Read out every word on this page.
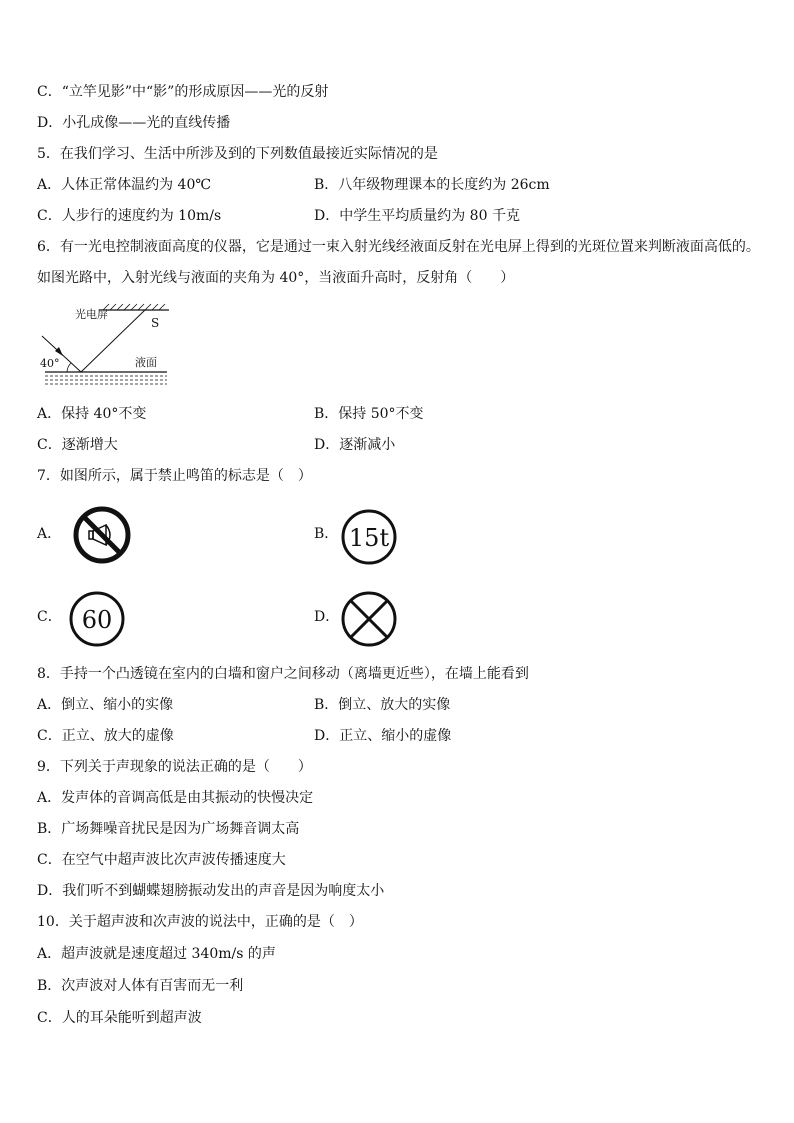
C．“立竿见影”中“影”的形成原因——光的反射
D．小孔成像——光的直线传播
5．在我们学习、生活中所涉及到的下列数值最接近实际情况的是
A．人体正常体温约为 40℃	B．八年级物理课本的长度约为 26cm
C．人步行的速度约为 10m/s	D．中学生平均质量约为 80 千克
6．有一光电控制液面高度的仪器，它是通过一束入射光线经液面反射在光电屏上得到的光斑位置来判断液面高低的。
如图光路中，入射光线与液面的夹角为 40°，当液面升高时，反射角（　　）
光电屏
S
40°	液面
A．保持 40°不变	B．保持 50°不变
C．逐渐增大	D．逐渐减小
7．如图所示，属于禁止鸣笛的标志是（　）
A．	B． 15t
C． 60	D．
8．手持一个凸透镜在室内的白墙和窗户之间移动（离墙更近些），在墙上能看到
A．倒立、缩小的实像	B．倒立、放大的实像
C．正立、放大的虚像	D．正立、缩小的虚像
9．下列关于声现象的说法正确的是（　　）
A．发声体的音调高低是由其振动的快慢决定
B．广场舞噪音扰民是因为广场舞音调太高
C．在空气中超声波比次声波传播速度大
D．我们听不到蝴蝶翅膀振动发出的声音是因为响度太小
10．关于超声波和次声波的说法中，正确的是（　）
A．超声波就是速度超过 340m/s 的声
B．次声波对人体有百害而无一利
C．人的耳朵能听到超声波
